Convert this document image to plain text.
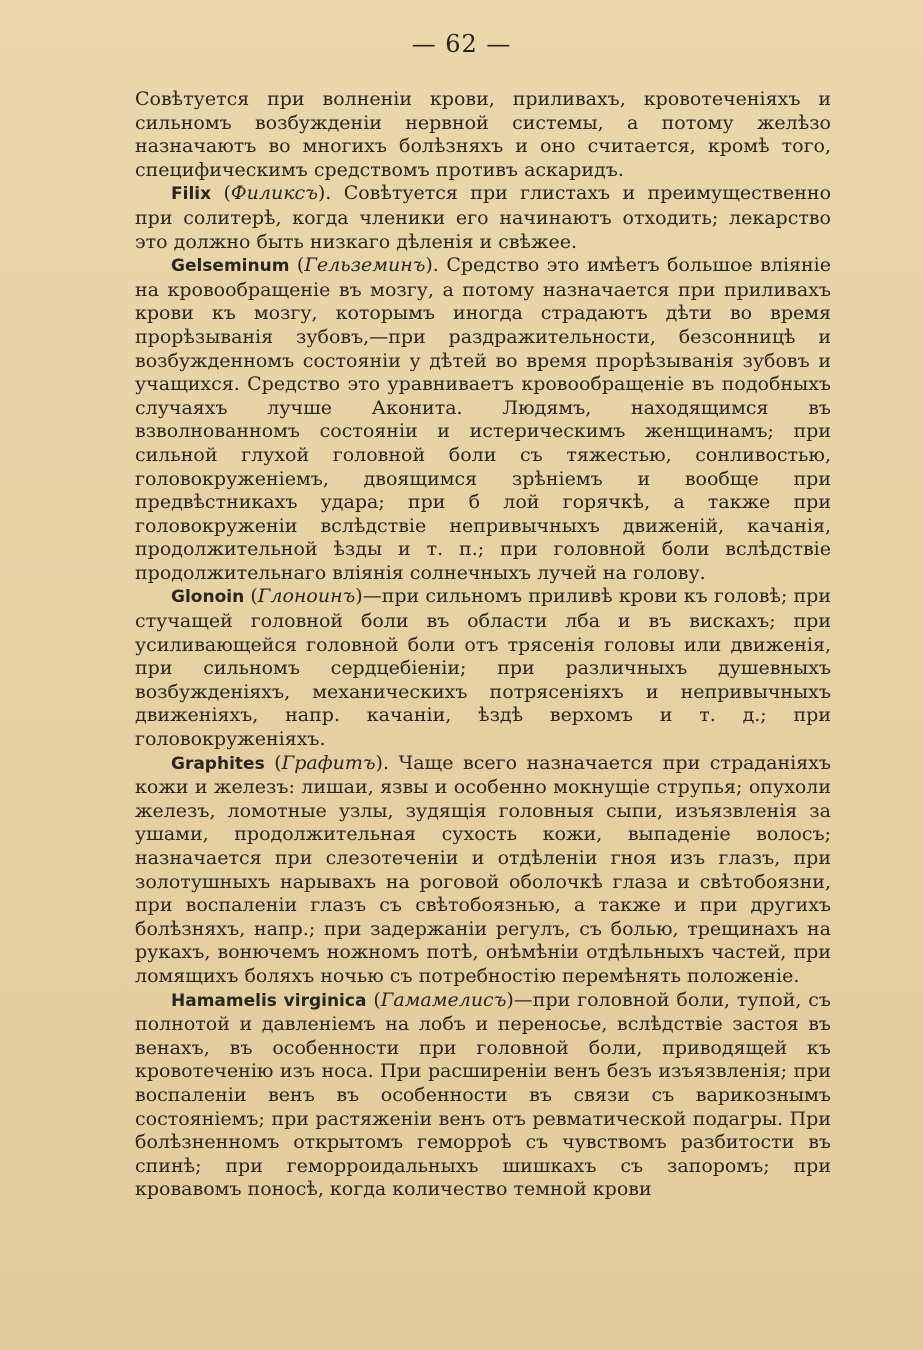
— 62 —

Совѣтуется при волненіи крови, приливахъ, кровотеченіяхъ и сильномъ возбужденіи нервной системы, а потому желѣзо назначаютъ во многихъ болѣзняхъ и оно считается, кромѣ того, специфическимъ средствомъ противъ аскаридъ.

Filix (Филиксъ). Совѣтуется при глистахъ и преимущественно при солитерѣ, когда членики его начинаютъ отходить; лекарство это должно быть низкаго дѣленія и свѣжее.

Gelseminum (Гельземинъ). Средство это имѣетъ большое вліяніе на кровообращеніе въ мозгу, а потому назначается при приливахъ крови къ мозгу, которымъ иногда страдаютъ дѣти во время прорѣзыванія зубовъ,—при раздражительности, безсонницѣ и возбужденномъ состояніи у дѣтей во время прорѣзыванія зубовъ и учащихся. Средство это уравниваетъ кровообращеніе въ подобныхъ случаяхъ лучше Аконита. Людямъ, находящимся въ взволнованномъ состояніи и истерическимъ женщинамъ; при сильной глухой головной боли съ тяжестью, сонливостью, головокруженіемъ, двоящимся зрѣніемъ и вообще при предвѣстникахъ удара; при б лой горячкѣ, а также при головокруженіи вслѣдствіе непривычныхъ движеній, качанія, продолжительной ѣзды и т. п.; при головной боли вслѣдствіе продолжительнаго вліянія солнечныхъ лучей на голову.

Glonoin (Глоноинъ)—при сильномъ приливѣ крови къ головѣ; при стучащей головной боли въ области лба и въ вискахъ; при усиливающейся головной боли отъ трясенія головы или движенія, при сильномъ сердцебіеніи; при различныхъ душевныхъ возбужденіяхъ, механическихъ потрясеніяхъ и непривычныхъ движеніяхъ, напр. качаніи, ѣздѣ верхомъ и т. д.; при головокруженіяхъ.

Graphites (Графитъ). Чаще всего назначается при страданіяхъ кожи и железъ: лишаи, язвы и особенно мокнущіе струпья; опухоли железъ, ломотные узлы, зудящія головныя сыпи, изъязвленія за ушами, продолжительная сухость кожи, выпаденіе волосъ; назначается при слезотеченіи и отдѣленіи гноя изъ глазъ, при золотушныхъ нарывахъ на роговой оболочкѣ глаза и свѣтобоязни, при воспаленіи глазъ съ свѣтобоязнью, а также и при другихъ болѣзняхъ, напр.; при задержаніи регулъ, съ болью, трещинахъ на рукахъ, вонючемъ ножномъ потѣ, онѣмѣніи отдѣльныхъ частей, при ломящихъ боляхъ ночью съ потребностію перемѣнять положеніе.

Hamamelis virginica (Гамамелисъ)—при головной боли, тупой, съ полнотой и давленіемъ на лобъ и переносье, вслѣдствіе застоя въ венахъ, въ особенности при головной боли, приводящей къ кровотеченію изъ носа. При расширеніи венъ безъ изъязвленія; при воспаленіи венъ въ особенности въ связи съ варикознымъ состояніемъ; при растяженіи венъ отъ ревматической подагры. При болѣзненномъ открытомъ геморроѣ съ чувствомъ разбитости въ спинѣ; при геморроидальныхъ шишкахъ съ запоромъ; при кровавомъ поносѣ, когда количество темной крови
